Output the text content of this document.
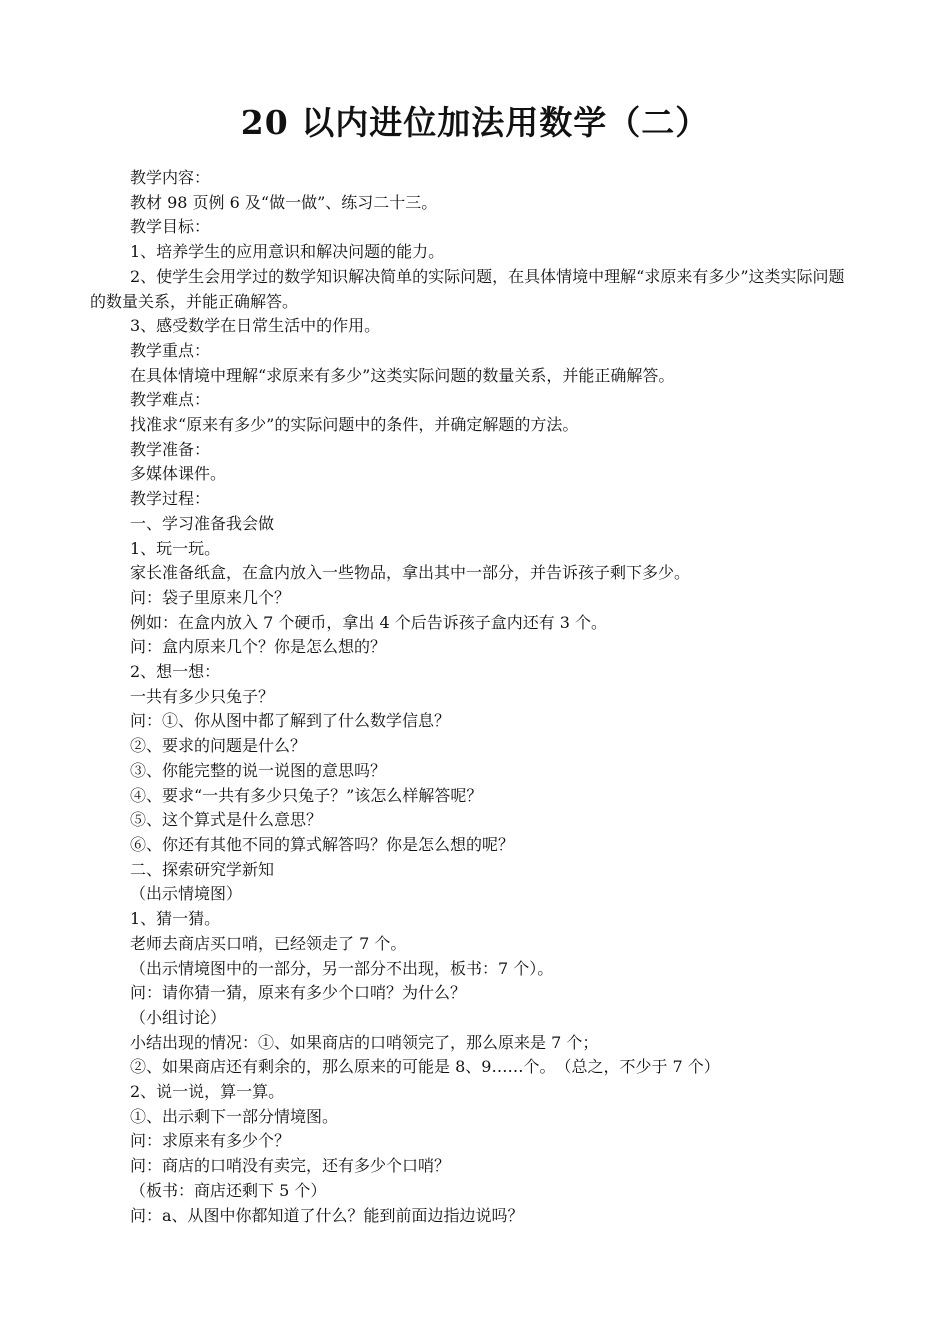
20 以内进位加法用数学（二）
教学内容：
教材 98 页例 6 及“做一做”、练习二十三。
教学目标：
1、培养学生的应用意识和解决问题的能力。
2、使学生会用学过的数学知识解决简单的实际问题，在具体情境中理解“求原来有多少”这类实际问题的数量关系，并能正确解答。
3、感受数学在日常生活中的作用。
教学重点：
在具体情境中理解“求原来有多少”这类实际问题的数量关系，并能正确解答。
教学难点：
找准求“原来有多少”的实际问题中的条件，并确定解题的方法。
教学准备：
多媒体课件。
教学过程：
一、学习准备我会做
1、玩一玩。
家长准备纸盒，在盒内放入一些物品，拿出其中一部分，并告诉孩子剩下多少。
问：袋子里原来几个？
例如：在盒内放入 7 个硬币，拿出 4 个后告诉孩子盒内还有 3 个。
问：盒内原来几个？你是怎么想的？
2、想一想：
一共有多少只兔子？
问：①、你从图中都了解到了什么数学信息？
②、要求的问题是什么？
③、你能完整的说一说图的意思吗？
④、要求“一共有多少只兔子？”该怎么样解答呢？
⑤、这个算式是什么意思？
⑥、你还有其他不同的算式解答吗？你是怎么想的呢？
二、探索研究学新知
（出示情境图）
1、猜一猜。
老师去商店买口哨，已经领走了 7 个。
（出示情境图中的一部分，另一部分不出现，板书：7 个）。
问：请你猜一猜，原来有多少个口哨？为什么？
（小组讨论）
小结出现的情况：①、如果商店的口哨领完了，那么原来是 7 个；
②、如果商店还有剩余的，那么原来的可能是 8、9……个。　（总之，不少于 7 个）
2、说一说，算一算。
①、出示剩下一部分情境图。
问：求原来有多少个？
问：商店的口哨没有卖完，还有多少个口哨？
（板书：商店还剩下 5 个）
问：a、从图中你都知道了什么？能到前面边指边说吗？
